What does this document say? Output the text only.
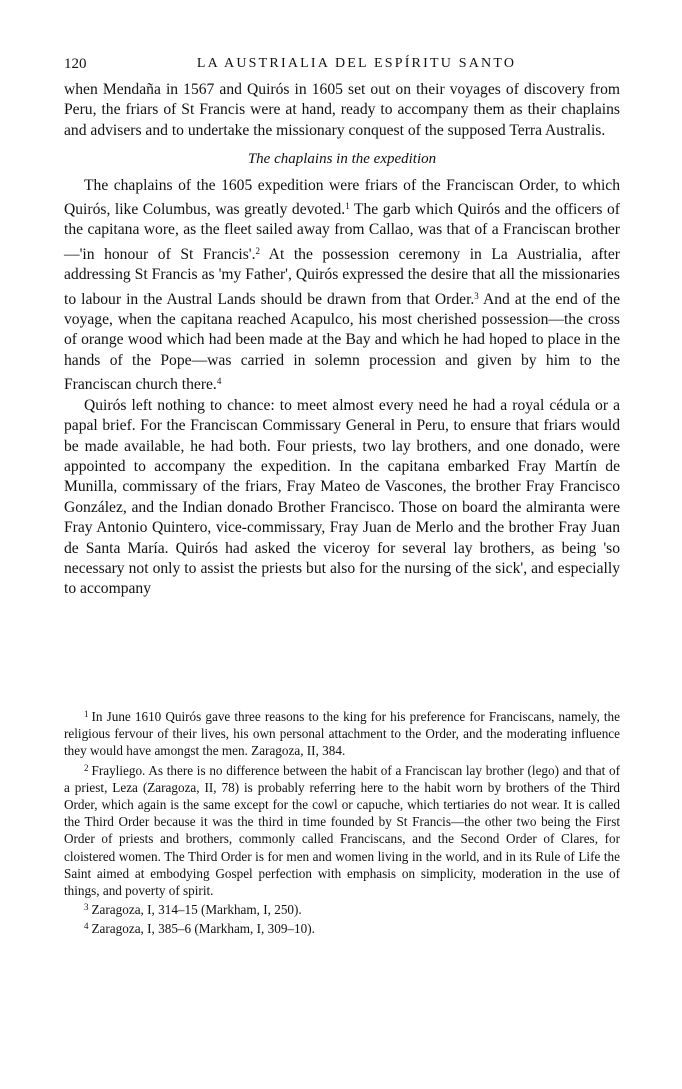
120	LA AUSTRIALIA DEL ESPÍRITU SANTO

when Mendaña in 1567 and Quirós in 1605 set out on their voyages of discovery from Peru, the friars of St Francis were at hand, ready to accompany them as their chaplains and advisers and to undertake the missionary conquest of the supposed Terra Australis.

The chaplains in the expedition

The chaplains of the 1605 expedition were friars of the Franciscan Order, to which Quirós, like Columbus, was greatly devoted.$^1$ The garb which Quirós and the officers of the capitana wore, as the fleet sailed away from Callao, was that of a Franciscan brother—'in honour of St Francis'.$^2$ At the possession ceremony in La Austrialia, after addressing St Francis as 'my Father', Quirós expressed the desire that all the missionaries to labour in the Austral Lands should be drawn from that Order.$^3$ And at the end of the voyage, when the capitana reached Acapulco, his most cherished possession—the cross of orange wood which had been made at the Bay and which he had hoped to place in the hands of the Pope—was carried in solemn procession and given by him to the Franciscan church there.$^4$

Quirós left nothing to chance: to meet almost every need he had a royal cédula or a papal brief. For the Franciscan Commissary General in Peru, to ensure that friars would be made available, he had both. Four priests, two lay brothers, and one donado, were appointed to accompany the expedition. In the capitana embarked Fray Martín de Munilla, commissary of the friars, Fray Mateo de Vascones, the brother Fray Francisco González, and the Indian donado Brother Francisco. Those on board the almiranta were Fray Antonio Quintero, vice-commissary, Fray Juan de Merlo and the brother Fray Juan de Santa María. Quirós had asked the viceroy for several lay brothers, as being 'so necessary not only to assist the priests but also for the nursing of the sick', and especially to accompany

$^1$ In June 1610 Quirós gave three reasons to the king for his preference for Franciscans, namely, the religious fervour of their lives, his own personal attachment to the Order, and the moderating influence they would have amongst the men. Zaragoza, II, 384.

$^2$ Frayliego. As there is no difference between the habit of a Franciscan lay brother (lego) and that of a priest, Leza (Zaragoza, II, 78) is probably referring here to the habit worn by brothers of the Third Order, which again is the same except for the cowl or capuche, which tertiaries do not wear. It is called the Third Order because it was the third in time founded by St Francis—the other two being the First Order of priests and brothers, commonly called Franciscans, and the Second Order of Clares, for cloistered women. The Third Order is for men and women living in the world, and in its Rule of Life the Saint aimed at embodying Gospel perfection with emphasis on simplicity, moderation in the use of things, and poverty of spirit.

$^3$ Zaragoza, I, 314–15 (Markham, I, 250).

$^4$ Zaragoza, I, 385–6 (Markham, I, 309–10).
